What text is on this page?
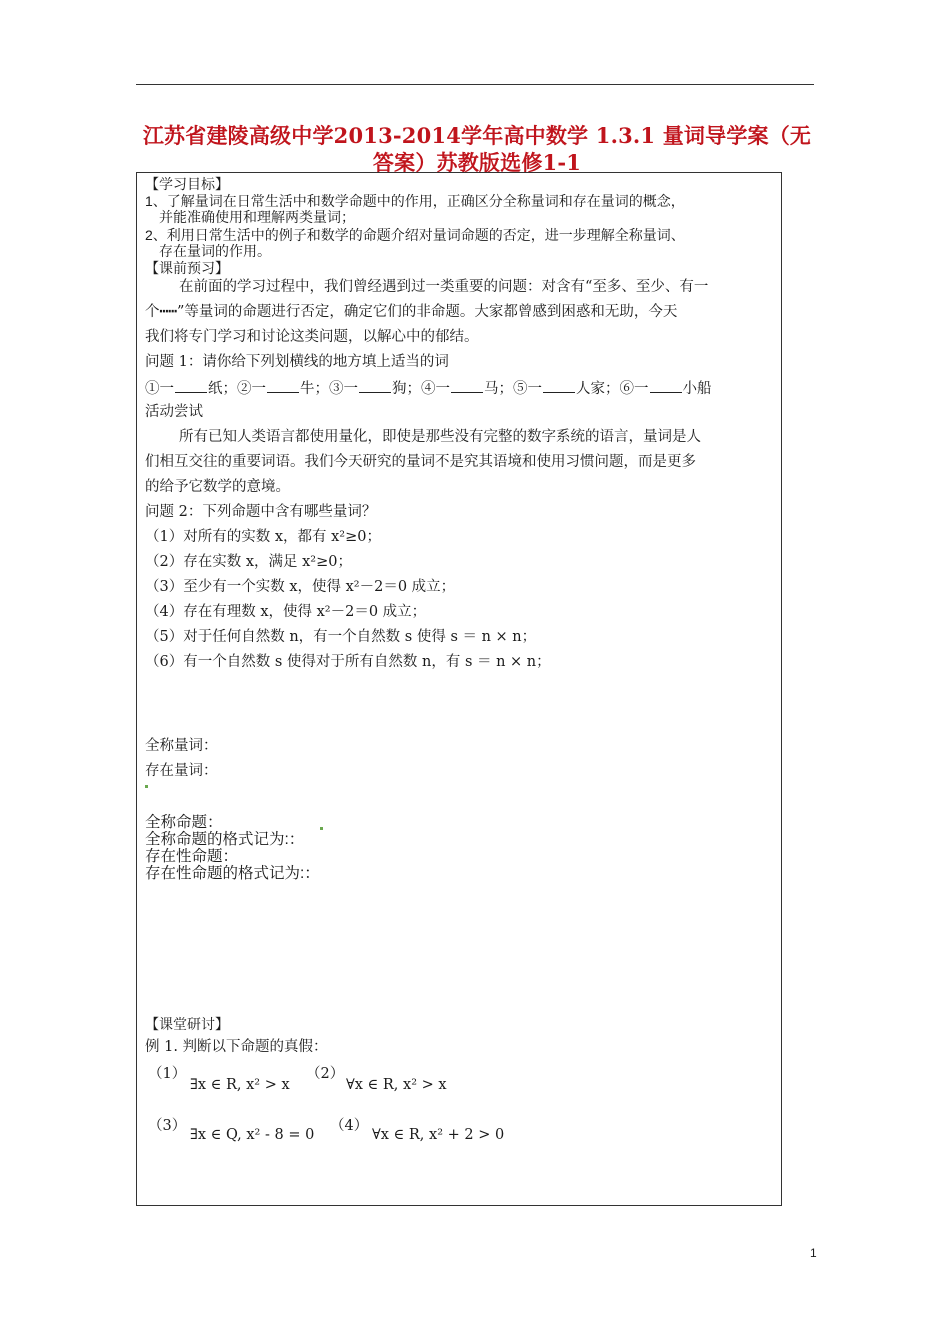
江苏省建陵高级中学2013-2014学年高中数学 1.3.1 量词导学案（无
答案）苏教版选修1-1
【学习目标】
1、了解量词在日常生活中和数学命题中的作用，正确区分全称量词和存在量词的概念，
并能准确使用和理解两类量词；
2、利用日常生活中的例子和数学的命题介绍对量词命题的否定，进一步理解全称量词、
存在量词的作用。
【课前预习】
在前面的学习过程中，我们曾经遇到过一类重要的问题：对含有“至多、至少、有一
个┅┅”等量词的命题进行否定，确定它们的非命题。大家都曾感到困惑和无助，今天
我们将专门学习和讨论这类问题，以解心中的郁结。
问题 1：请你给下列划横线的地方填上适当的词
①一 纸；②一 牛；③一 狗；④一 马；⑤一 人家；⑥一 小船
活动尝试
所有已知人类语言都使用量化，即使是那些没有完整的数字系统的语言，量词是人
们相互交往的重要词语。我们今天研究的量词不是究其语境和使用习惯问题，而是更多
的给予它数学的意境。
问题 2：下列命题中含有哪些量词？
（1）对所有的实数 x，都有 x²≥0；
（2）存在实数 x，满足 x²≥0；
（3）至少有一个实数 x，使得 x²－2＝0 成立；
（4）存在有理数 x，使得 x²－2＝0 成立；
（5）对于任何自然数 n，有一个自然数 s 使得 s ＝ n × n；
（6）有一个自然数 s 使得对于所有自然数 n，有 s ＝ n × n；
全称量词：
存在量词：
全称命题：
全称命题的格式记为:：
存在性命题：
存在性命题的格式记为:：
【课堂研讨】
例 1. 判断以下命题的真假：
（1）
∃x ∈ R, x² > x
（2）
∀x ∈ R, x² > x
（3）
∃x ∈ Q, x² - 8 = 0
（4）
∀x ∈ R, x² + 2 > 0
1
